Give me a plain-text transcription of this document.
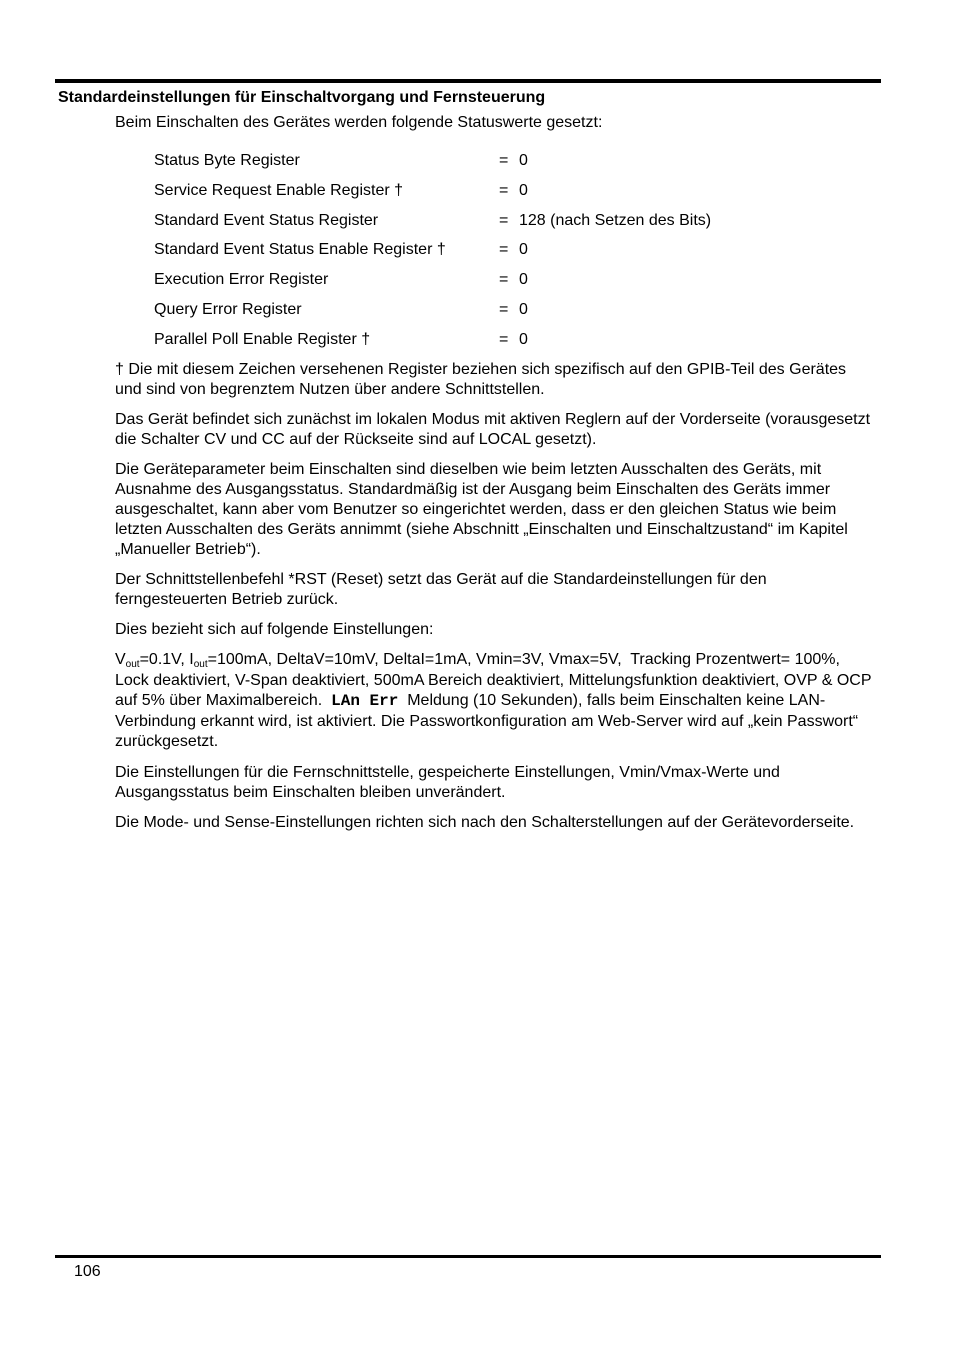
Standardeinstellungen für Einschaltvorgang und Fernsteuerung
Beim Einschalten des Gerätes werden folgende Statuswerte gesetzt:
Status Byte Register	= 0
Service Request Enable Register †	= 0
Standard Event Status Register	= 128 (nach Setzen des Bits)
Standard Event Status Enable Register †	= 0
Execution Error Register	= 0
Query Error Register	= 0
Parallel Poll Enable Register †	= 0

† Die mit diesem Zeichen versehenen Register beziehen sich spezifisch auf den GPIB-Teil des Gerätes und sind von begrenztem Nutzen über andere Schnittstellen.

Das Gerät befindet sich zunächst im lokalen Modus mit aktiven Reglern auf der Vorderseite (vorausgesetzt die Schalter CV und CC auf der Rückseite sind auf LOCAL gesetzt).

Die Geräteparameter beim Einschalten sind dieselben wie beim letzten Ausschalten des Geräts, mit Ausnahme des Ausgangsstatus. Standardmäßig ist der Ausgang beim Einschalten des Geräts immer ausgeschaltet, kann aber vom Benutzer so eingerichtet werden, dass er den gleichen Status wie beim letzten Ausschalten des Geräts annimmt (siehe Abschnitt „Einschalten und Einschaltzustand“ im Kapitel „Manueller Betrieb“).

Der Schnittstellenbefehl *RST (Reset) setzt das Gerät auf die Standardeinstellungen für den ferngesteuerten Betrieb zurück.

Dies bezieht sich auf folgende Einstellungen:

$V_{out}=0.1V$, $I_{out}=100mA$, DeltaV=10mV, DeltaI=1mA, Vmin=3V, Vmax=5V,  Tracking Prozentwert= 100%, Lock deaktiviert, V-Span deaktiviert, 500mA Bereich deaktiviert, Mittelungsfunktion deaktiviert, OVP & OCP auf 5% über Maximalbereich.  LAn Err  Meldung (10 Sekunden), falls beim Einschalten keine LAN-Verbindung erkannt wird, ist aktiviert. Die Passwortkonfiguration am Web-Server wird auf „kein Passwort“ zurückgesetzt.

Die Einstellungen für die Fernschnittstelle, gespeicherte Einstellungen, Vmin/Vmax-Werte und Ausgangsstatus beim Einschalten bleiben unverändert.

Die Mode- und Sense-Einstellungen richten sich nach den Schalterstellungen auf der Gerätevorderseite.

106
